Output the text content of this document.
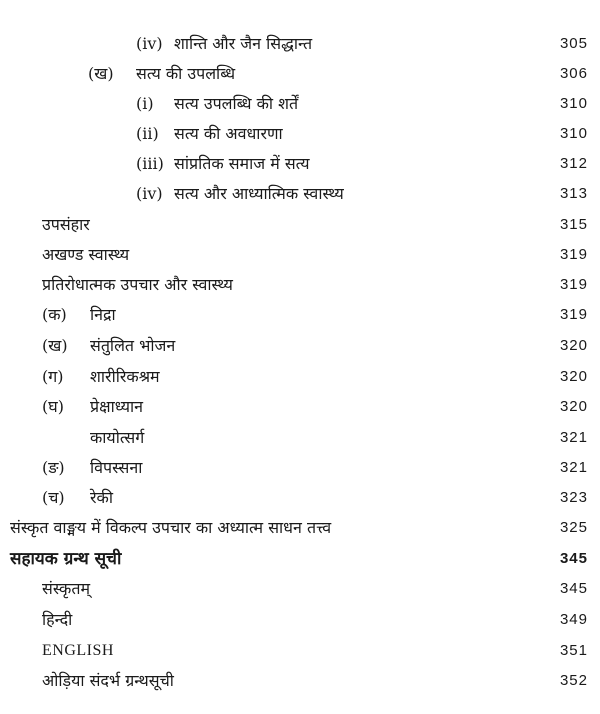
(iv) शान्ति और जैन सिद्धान्त	305
(ख) सत्य की उपलब्धि	306
(i) सत्य उपलब्धि की शर्तें	310
(ii) सत्य की अवधारणा	310
(iii) सांप्रतिक समाज में सत्य	312
(iv) सत्य और आध्यात्मिक स्वास्थ्य	313
उपसंहार	315
अखण्ड स्वास्थ्य	319
प्रतिरोधात्मक उपचार और स्वास्थ्य	319
(क) निद्रा	319
(ख) संतुलित भोजन	320
(ग) शारीरिकश्रम	320
(घ) प्रेक्षाध्यान	320
कायोत्सर्ग	321
(ङ) विपस्सना	321
(च) रेकी	323
संस्कृत वाङ्मय में विकल्प उपचार का अध्यात्म साधन तत्त्व	325
सहायक ग्रन्थ सूची	345
संस्कृतम्	345
हिन्दी	349
ENGLISH	351
ओड़िया संदर्भ ग्रन्थसूची	352
